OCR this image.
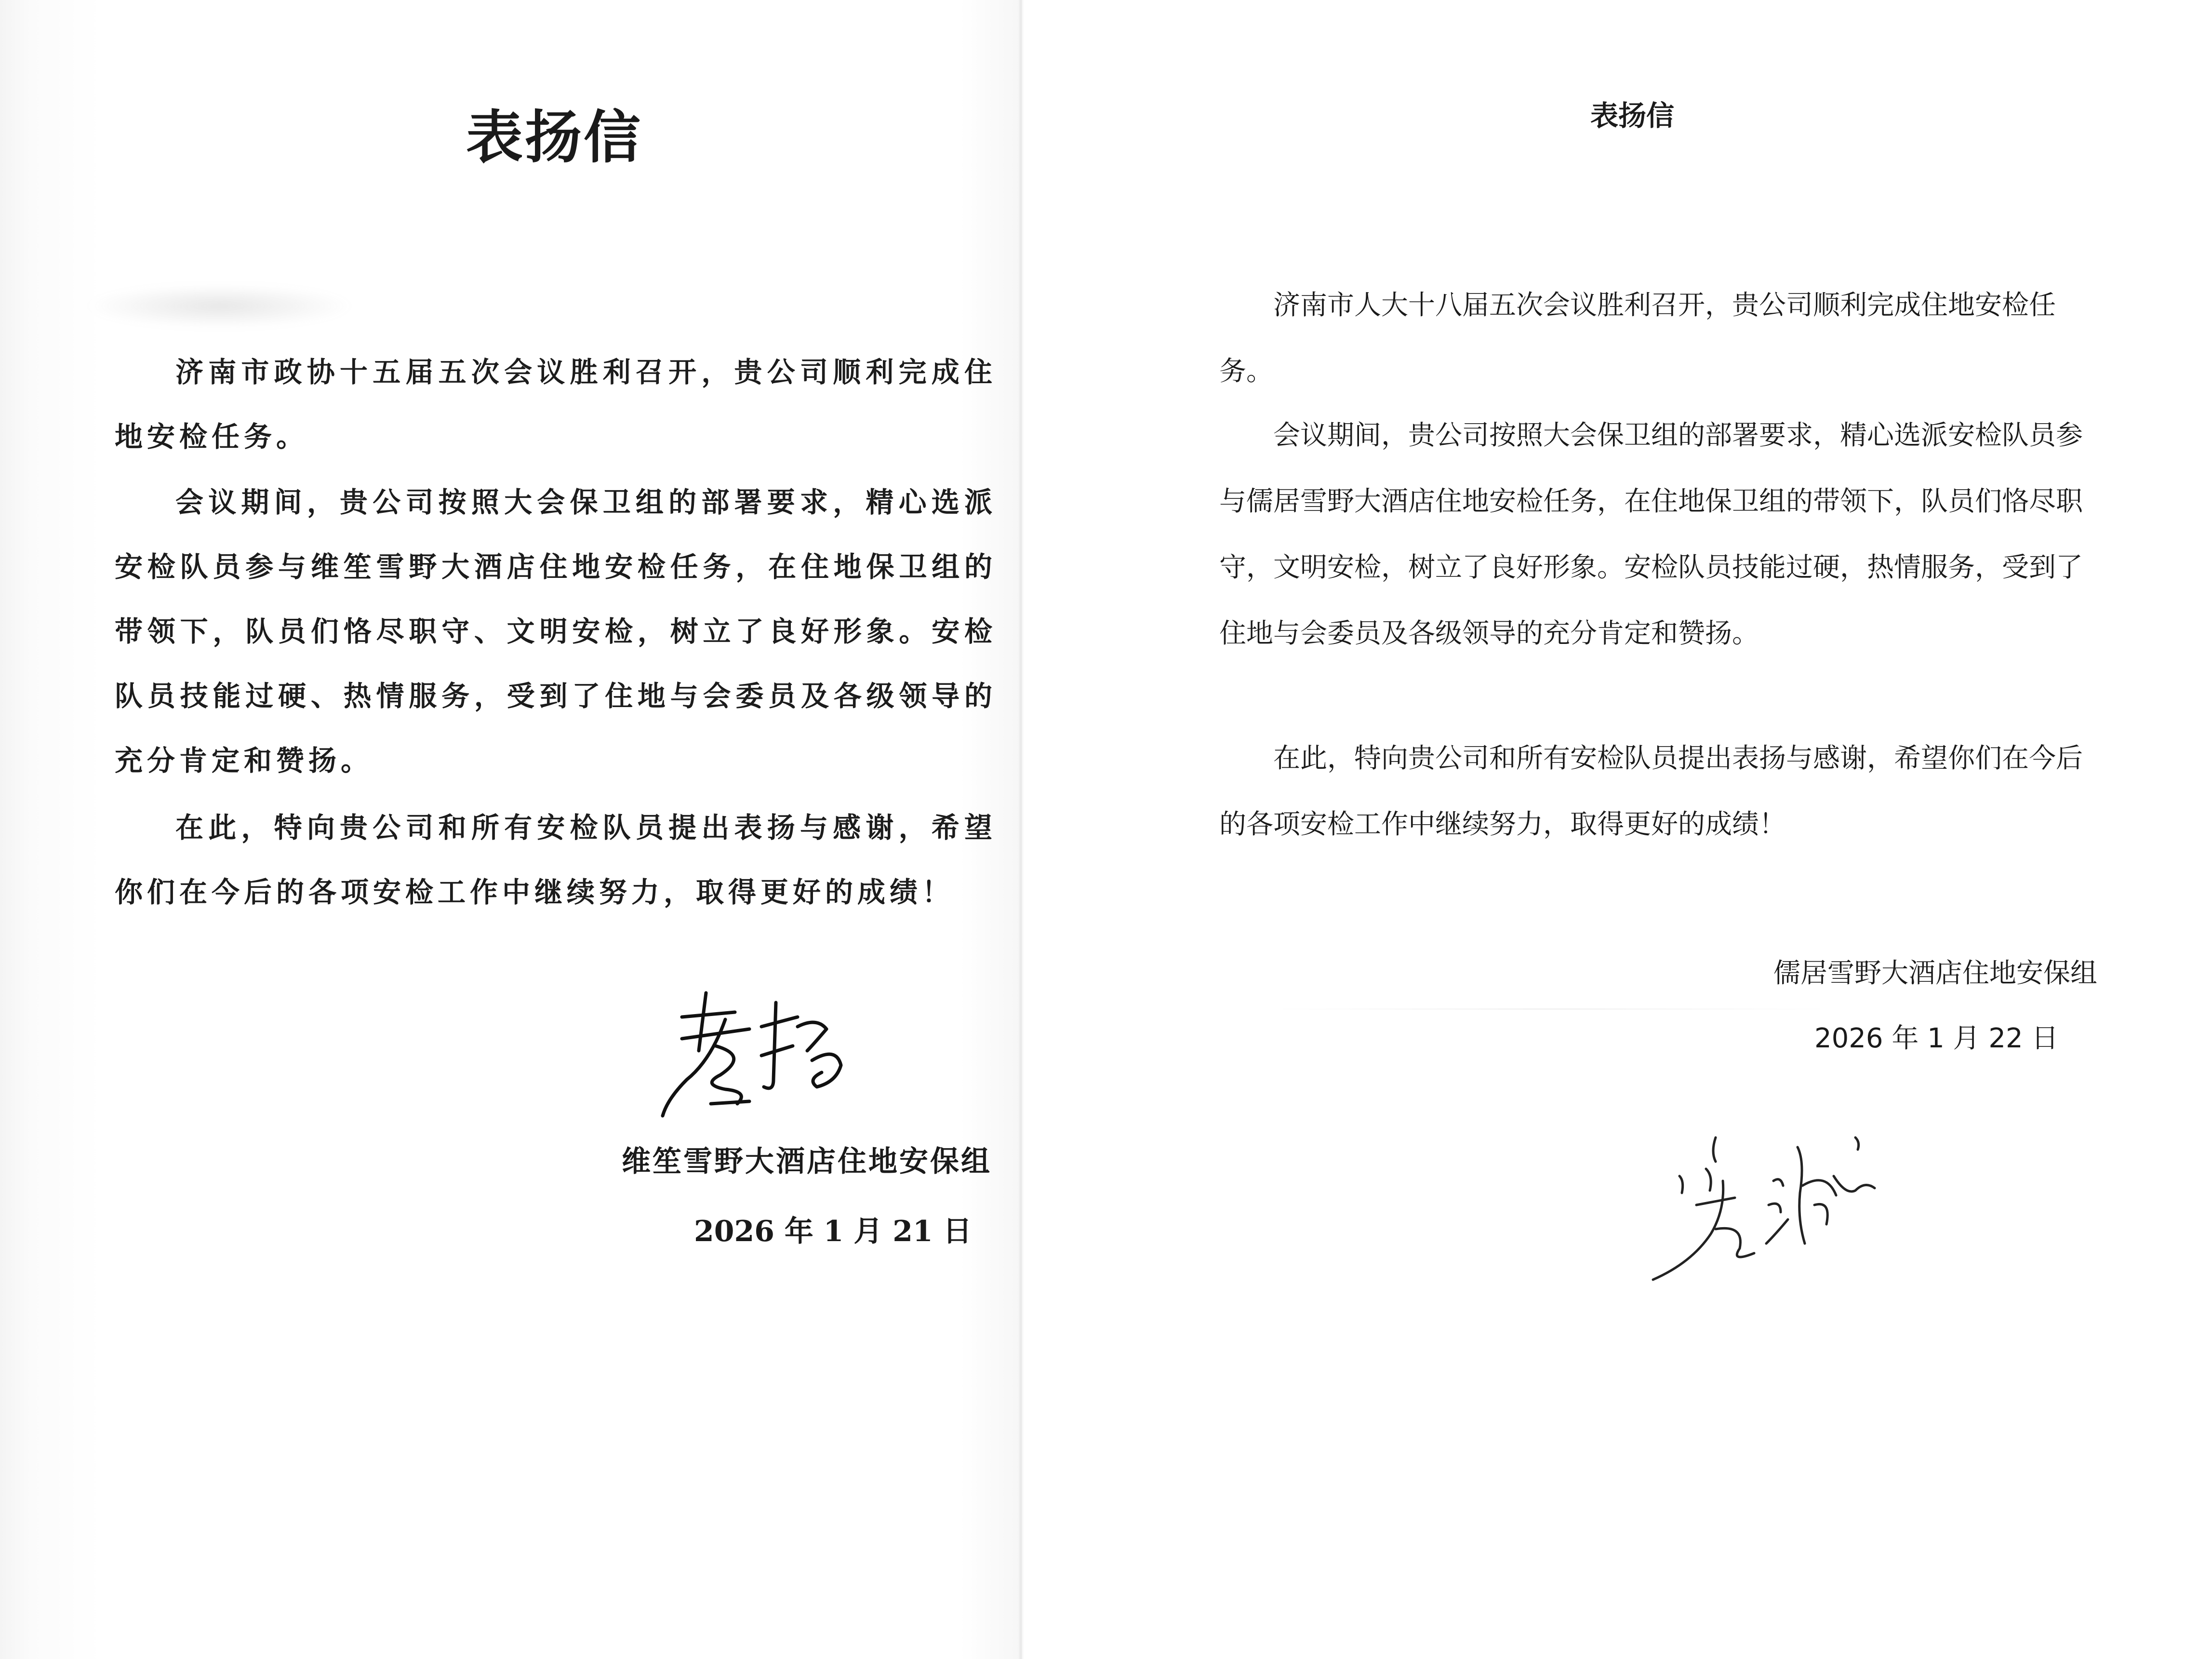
表扬信

济南市政协十五届五次会议胜利召开，贵公司顺利完成住地安检任务。

会议期间，贵公司按照大会保卫组的部署要求，精心选派安检队员参与维笙雪野大酒店住地安检任务，在住地保卫组的带领下，队员们恪尽职守、文明安检，树立了良好形象。安检队员技能过硬、热情服务，受到了住地与会委员及各级领导的充分肯定和赞扬。

在此，特向贵公司和所有安检队员提出表扬与感谢，希望你们在今后的各项安检工作中继续努力，取得更好的成绩！

维笙雪野大酒店住地安保组

2026 年 1 月 21 日

表扬信

济南市人大十八届五次会议胜利召开，贵公司顺利完成住地安检任务。

会议期间，贵公司按照大会保卫组的部署要求，精心选派安检队员参与儒居雪野大酒店住地安检任务，在住地保卫组的带领下，队员们恪尽职守，文明安检，树立了良好形象。安检队员技能过硬，热情服务，受到了住地与会委员及各级领导的充分肯定和赞扬。

在此，特向贵公司和所有安检队员提出表扬与感谢，希望你们在今后的各项安检工作中继续努力，取得更好的成绩！

儒居雪野大酒店住地安保组

2026 年 1 月 22 日
